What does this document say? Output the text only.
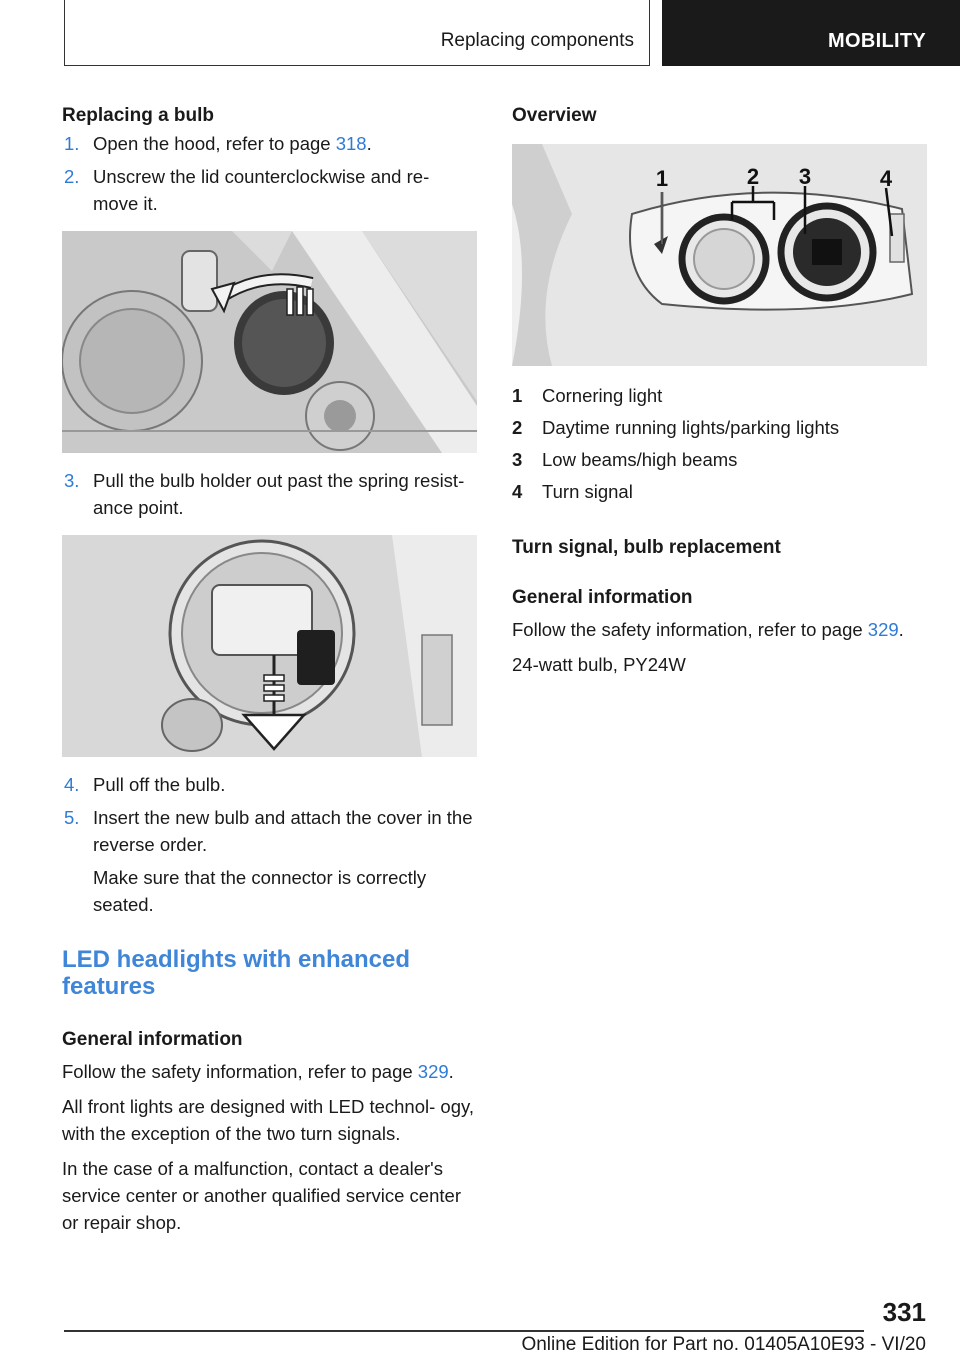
Replacing components	MOBILITY
Replacing a bulb
1. Open the hood, refer to page 318.
2. Unscrew the lid counterclockwise and re‐ move it.
3. Pull the bulb holder out past the spring resist‐ ance point.
4. Pull off the bulb.
5. Insert the new bulb and attach the cover in the reverse order.
Make sure that the connector is correctly seated.
LED headlights with enhanced features
General information

Follow the safety information, refer to page 329.

All front lights are designed with LED technol‐ ogy, with the exception of the two turn signals.

In the case of a malfunction, contact a dealer's service center or another qualified service center or repair shop.

Overview
1	2 3	4
1 Cornering light
2 Daytime running lights/parking lights
3 Low beams/high beams
4 Turn signal
Turn signal, bulb replacement
General information

Follow the safety information, refer to page 329.

24-watt bulb, PY24W

331
Online Edition for Part no. 01405A10E93 - VI/20
